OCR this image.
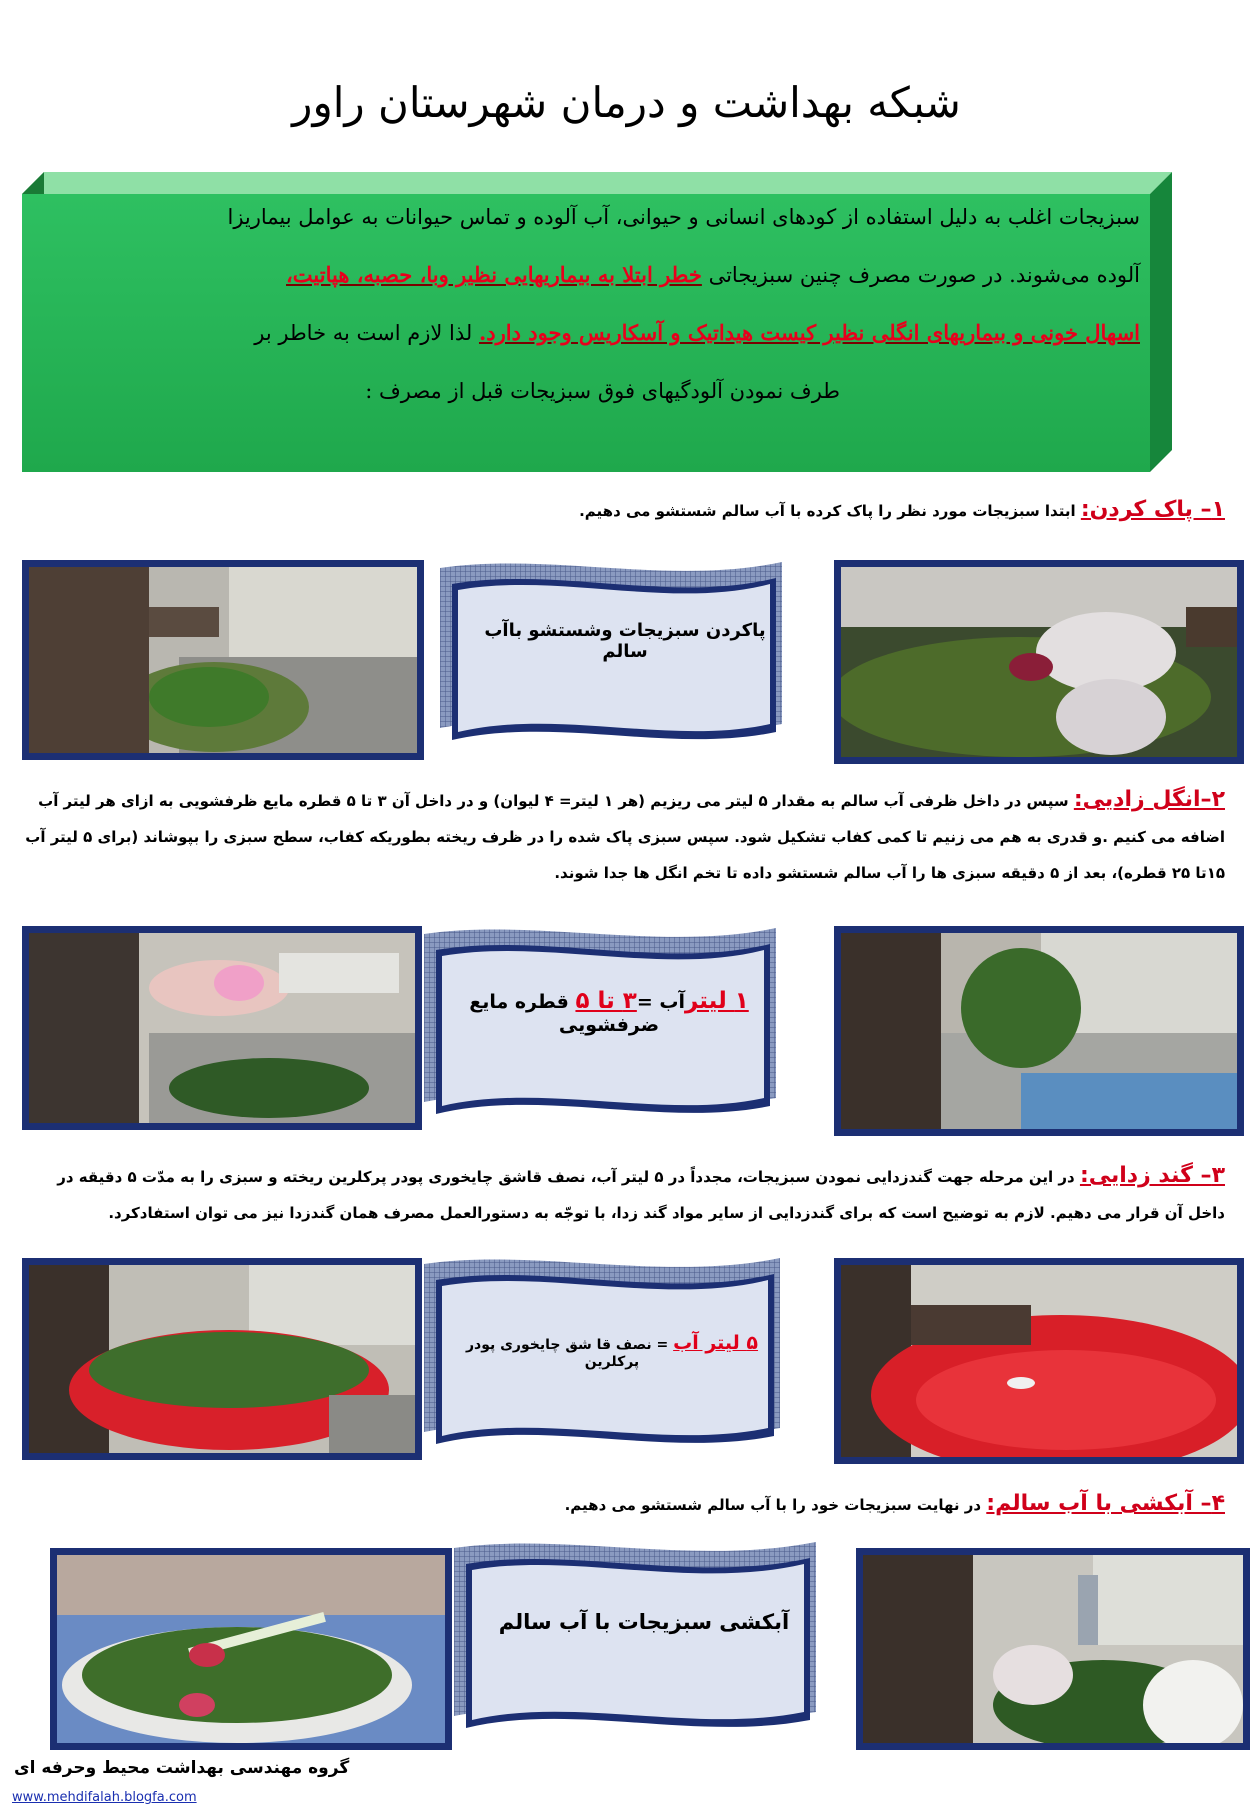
شبکه بهداشت و درمان شهرستان راور
سبزیجات اغلب به دلیل استفاده از کودهای انسانی و حیوانی، آب آلوده و تماس حیوانات به عوامل بیماریزا
آلوده می‌شوند. در صورت مصرف چنین سبزیجاتی خطر ابتلا به بیماریهایی نظیر وبا، حصبه، هپاتیت،
اسهال خونی و بیماریهای انگلی نظیر کیست هیداتیک و آسکاریس وجود دارد. لذا لازم است به خاطر بر
طرف نمودن آلودگیهای فوق سبزیجات قبل از مصرف :
۱– پاک کردن: ابتدا سبزیجات مورد نظر را پاک کرده با آب سالم شستشو می دهیم.
پاکردن سبزیجات وشستشو باآب سالم
۲–انگل زادیی: سپس در داخل ظرفی آب سالم به مقدار ۵ لیتر می ریزیم (هر ۱ لیتر= ۴ لیوان) و در داخل آن ۳ تا ۵ قطره مایع ظرفشویی به ازای هر لیتر آب اضافه می کنیم .و قدری به هم می زنیم تا کمی کفاب تشکیل شود. سپس سبزی پاک شده را در ظرف ریخته بطوریکه کفاب، سطح سبزی را بپوشاند (برای ۵ لیتر آب ۱۵تا ۲۵ قطره)، بعد از ۵ دقیقه سبزی ها را آب سالم شستشو داده تا تخم انگل ها جدا شوند.
۱ لیترآب =۳ تا ۵ قطره مایع ضرفشویی
۳– گند زدایی: در این مرحله جهت گندزدایی نمودن سبزیجات، مجدداً در ۵ لیتر آب، نصف قاشق چایخوری پودر پرکلرین ریخته و سبزی را به مدّت ۵ دقیقه در داخل آن قرار می دهیم. لازم به توضیح است که برای گندزدایی از سایر مواد گند زدا، با توجّه به دستورالعمل مصرف همان گندزدا نیز می توان استفادکرد.
۵ لیتر آب = نصف قا شق چایخوری پودر پرکلرین
۴– آبکشی با آب سالم: در نهایت سبزیجات خود را با آب سالم شستشو می دهیم.
آبکشی سبزیجات با آب سالم
گروه مهندسی بهداشت محیط وحرفه ای
www.mehdifalah.blogfa.com
